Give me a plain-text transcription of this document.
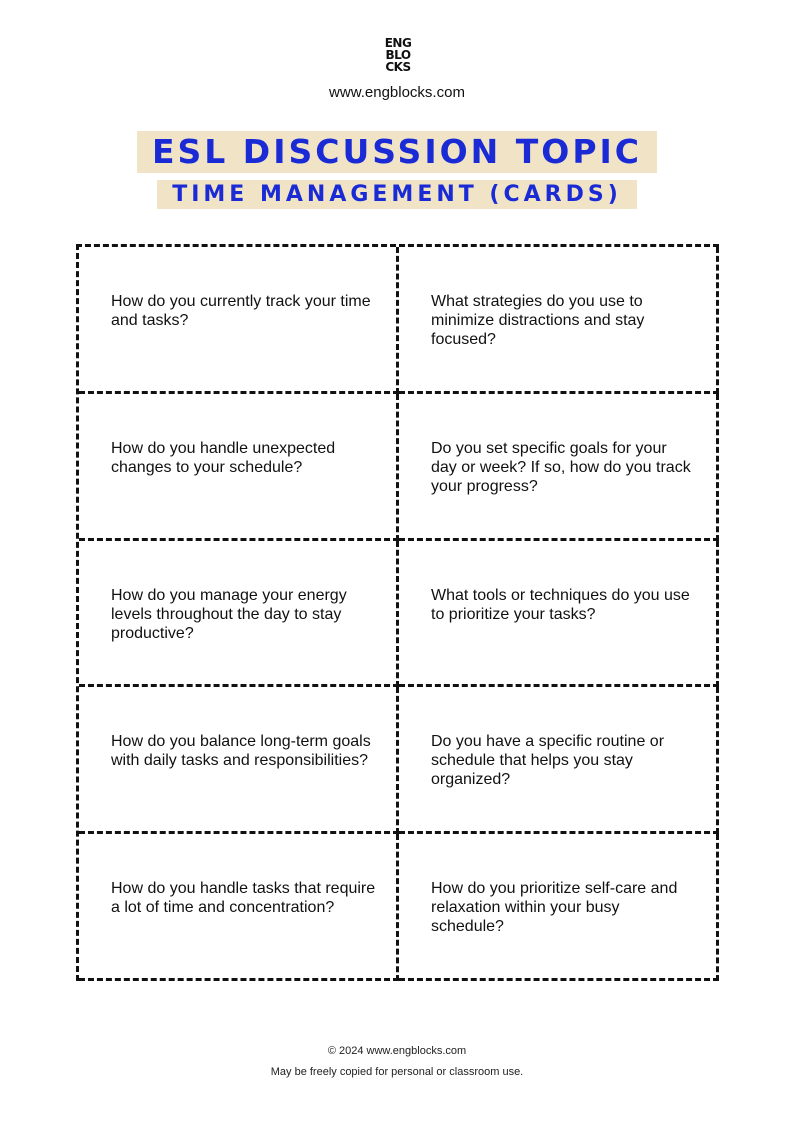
ENG
BLO
CKS
www.engblocks.com
ESL DISCUSSION TOPIC
TIME MANAGEMENT (CARDS)
How do you currently track your time and tasks?
What strategies do you use to minimize distractions and stay focused?
How do you handle unexpected changes to your schedule?
Do you set specific goals for your day or week? If so, how do you track your progress?
How do you manage your energy levels throughout the day to stay productive?
What tools or techniques do you use to prioritize your tasks?
How do you balance long-term goals with daily tasks and responsibilities?
Do you have a specific routine or schedule that helps you stay organized?
How do you handle tasks that require a lot of time and concentration?
How do you prioritize self-care and relaxation within your busy schedule?
© 2024 www.engblocks.com
May be freely copied for personal or classroom use.
